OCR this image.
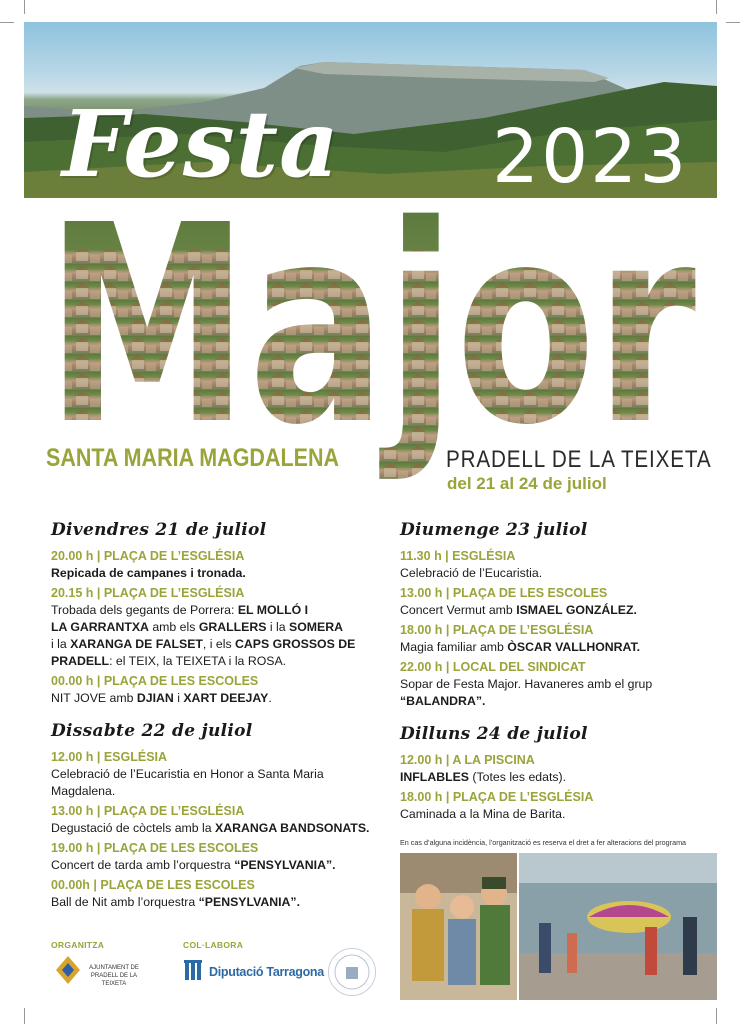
Festa 2023
SANTA MARIA MAGDALENA	PRADELL DE LA TEIXETA
del 21 al 24 de juliol
Divendres 21 de juliol
20.00 h | PLAÇA DE L’ESGLÉSIA
Repicada de campanes i tronada.
20.15 h | PLAÇA DE L’ESGLÉSIA
Trobada dels gegants de Porrera: EL MOLLÓ I
LA GARRANTXA amb els GRALLERS i la SOMERA
i la XARANGA DE FALSET, i els CAPS GROSSOS DE
PRADELL: el TEIX, la TEIXETA i la ROSA.
00.00 h | PLAÇA DE LES ESCOLES
NIT JOVE amb DJIAN i XART DEEJAY.
Dissabte 22 de juliol
12.00 h | ESGLÉSIA
Celebració de l’Eucaristia en Honor a Santa Maria
Magdalena.
13.00 h | PLAÇA DE L’ESGLÉSIA
Degustació de còctels amb la XARANGA BANDSONATS.
19.00 h | PLAÇA DE LES ESCOLES
Concert de tarda amb l’orquestra “PENSYLVANIA”.
00.00h | PLAÇA DE LES ESCOLES
Ball de Nit amb l’orquestra “PENSYLVANIA”.
Diumenge 23 juliol
11.30 h | ESGLÉSIA
Celebració de l’Eucaristia.
13.00 h | PLAÇA DE LES ESCOLES
Concert Vermut amb ISMAEL GONZÁLEZ.
18.00 h | PLAÇA DE L’ESGLÉSIA
Magia familiar amb ÒSCAR VALLHONRAT.
22.00 h | LOCAL DEL SINDICAT
Sopar de Festa Major. Havaneres amb el grup
“BALANDRA”.
Dilluns 24 de juliol
12.00 h | A LA PISCINA
INFLABLES (Totes les edats).
18.00 h | PLAÇA DE L’ESGLÉSIA
Caminada a la Mina de Barita.
En cas d’alguna incidència, l’organització es reserva el dret a fer alteracions del programa
ORGANITZA	COL·LABORA
AJUNTAMENT DE PRADELL DE LA TEIXETA
Diputació Tarragona
